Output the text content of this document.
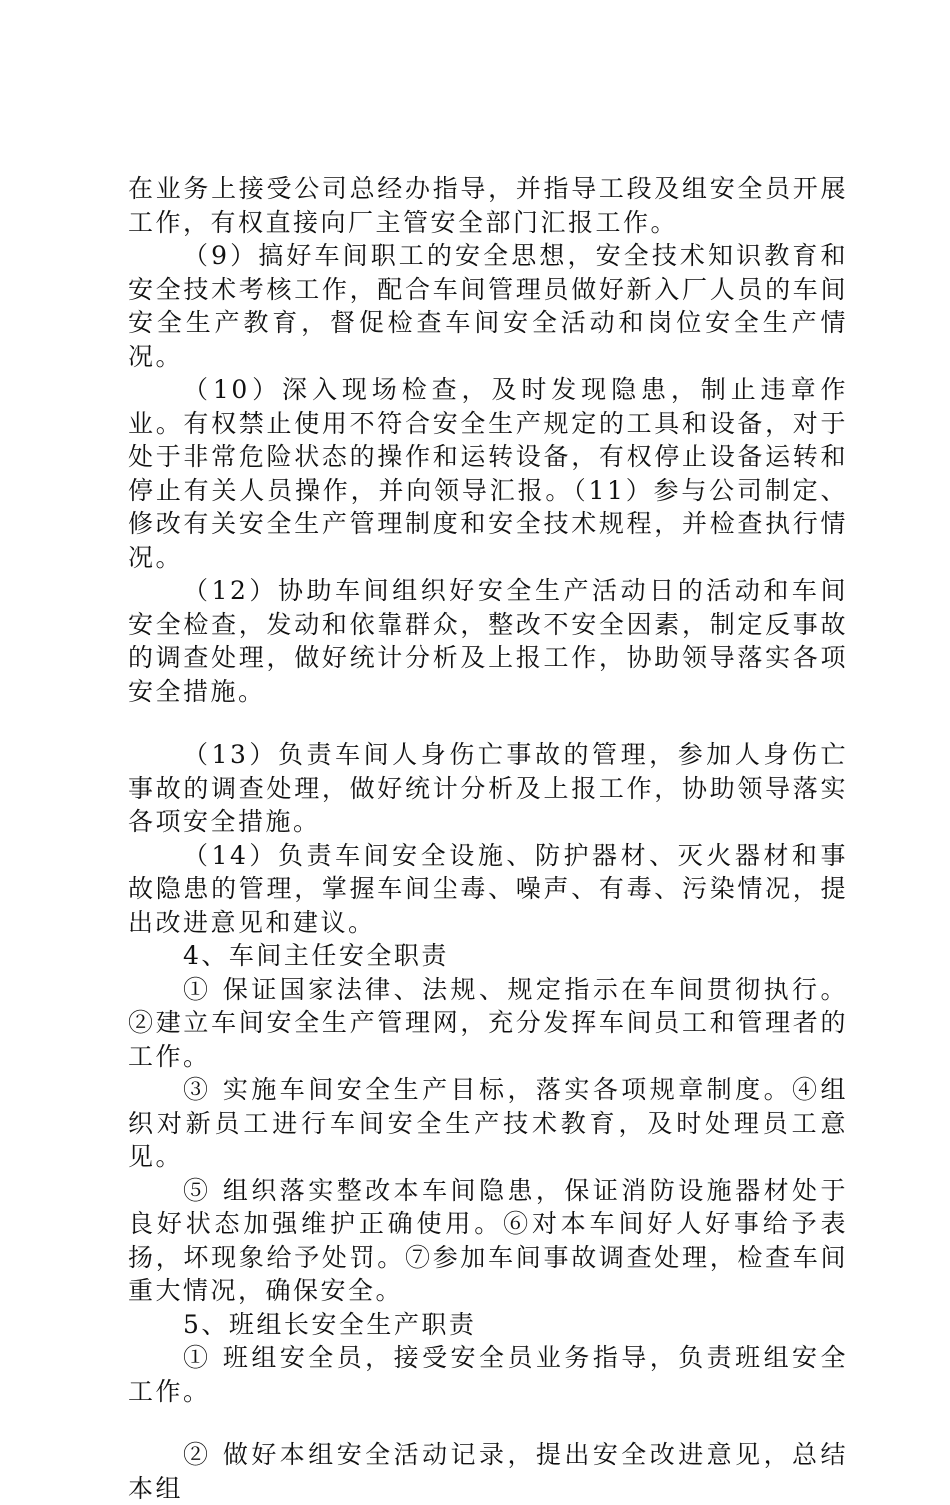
在业务上接受公司总经办指导，并指导工段及组安全员开展工作，有权直接向厂主管安全部门汇报工作。

（9）搞好车间职工的安全思想，安全技术知识教育和安全技术考核工作，配合车间管理员做好新入厂人员的车间安全生产教育，督促检查车间安全活动和岗位安全生产情况。

（10）深入现场检查，及时发现隐患，制止违章作业。有权禁止使用不符合安全生产规定的工具和设备，对于处于非常危险状态的操作和运转设备，有权停止设备运转和停止有关人员操作，并向领导汇报。（11）参与公司制定、修改有关安全生产管理制度和安全技术规程，并检查执行情况。

（12）协助车间组织好安全生产活动日的活动和车间安全检查，发动和依靠群众，整改不安全因素，制定反事故的调查处理，做好统计分析及上报工作，协助领导落实各项安全措施。

（13）负责车间人身伤亡事故的管理，参加人身伤亡事故的调查处理，做好统计分析及上报工作，协助领导落实各项安全措施。

（14）负责车间安全设施、防护器材、灭火器材和事故隐患的管理，掌握车间尘毒、噪声、有毒、污染情况，提出改进意见和建议。

4、车间主任安全职责

① 保证国家法律、法规、规定指示在车间贯彻执行。②建立车间安全生产管理网，充分发挥车间员工和管理者的工作。

③ 实施车间安全生产目标，落实各项规章制度。④组织对新员工进行车间安全生产技术教育，及时处理员工意见。

⑤ 组织落实整改本车间隐患，保证消防设施器材处于良好状态加强维护正确使用。⑥对本车间好人好事给予表扬，坏现象给予处罚。⑦参加车间事故调查处理，检查车间重大情况，确保安全。

5、班组长安全生产职责

① 班组安全员，接受安全员业务指导，负责班组安全工作。

② 做好本组安全活动记录，提出安全改进意见，总结本组
